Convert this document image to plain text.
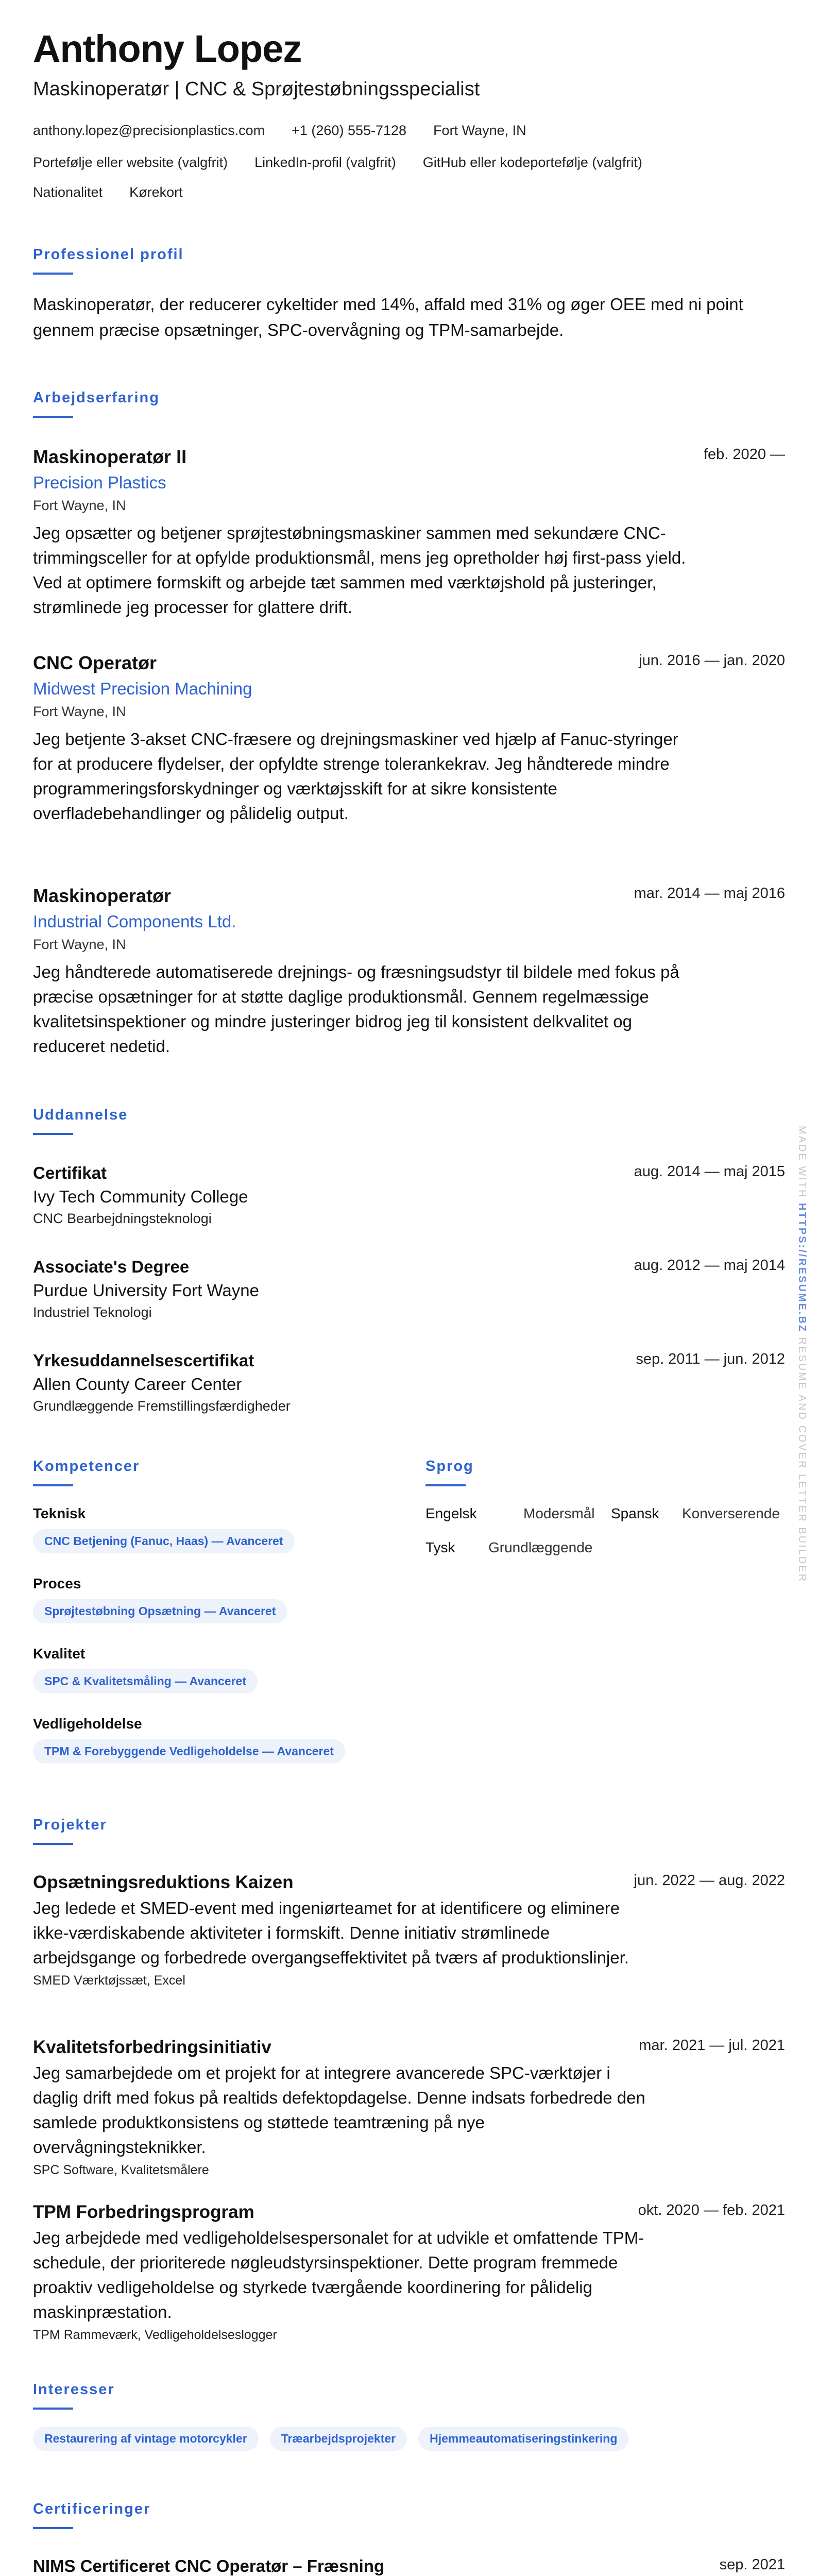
Anthony Lopez
Maskinoperatør | CNC & Sprøjtestøbningsspecialist
anthony.lopez@precisionplastics.com +1 (260) 555-7128 Fort Wayne, IN
Portefølje eller website (valgfrit) LinkedIn-profil (valgfrit) GitHub eller kodeportefølje (valgfrit)
Nationalitet Kørekort
Professionel profil
Maskinoperatør, der reducerer cykeltider med 14%, affald med 31% og øger OEE med ni point gennem præcise opsætninger, SPC-overvågning og TPM-samarbejde.
Arbejdserfaring
Maskinoperatør II	feb. 2020 —
Precision Plastics
Fort Wayne, IN
Jeg opsætter og betjener sprøjtestøbningsmaskiner sammen med sekundære CNC-trimmingsceller for at opfylde produktionsmål, mens jeg opretholder høj first-pass yield. Ved at optimere formskift og arbejde tæt sammen med værktøjshold på justeringer, strømlinede jeg processer for glattere drift.
CNC Operatør	jun. 2016 — jan. 2020
Midwest Precision Machining
Fort Wayne, IN
Jeg betjente 3-akset CNC-fræsere og drejningsmaskiner ved hjælp af Fanuc-styringer for at producere flydelser, der opfyldte strenge tolerankekrav. Jeg håndterede mindre programmeringsforskydninger og værktøjsskift for at sikre konsistente overfladebehandlinger og pålidelig output.
Maskinoperatør	mar. 2014 — maj 2016
Industrial Components Ltd.
Fort Wayne, IN
Jeg håndterede automatiserede drejnings- og fræsningsudstyr til bildele med fokus på præcise opsætninger for at støtte daglige produktionsmål. Gennem regelmæssige kvalitetsinspektioner og mindre justeringer bidrog jeg til konsistent delkvalitet og reduceret nedetid.
Uddannelse
Certifikat	aug. 2014 — maj 2015
Ivy Tech Community College
CNC Bearbejdningsteknologi
Associate's Degree	aug. 2012 — maj 2014
Purdue University Fort Wayne
Industriel Teknologi
Yrkesuddannelsescertifikat	sep. 2011 — jun. 2012
Allen County Career Center
Grundlæggende Fremstillingsfærdigheder
Kompetencer	Sprog
Teknisk
CNC Betjening (Fanuc, Haas) — Avanceret
Proces
Sprøjtestøbning Opsætning — Avanceret
Kvalitet
SPC & Kvalitetsmåling — Avanceret
Vedligeholdelse
TPM & Forebyggende Vedligeholdelse — Avanceret
Engelsk	Modersmål	Spansk	Konverserende
Tysk	Grundlæggende
Projekter
Opsætningsreduktions Kaizen	jun. 2022 — aug. 2022
Jeg ledede et SMED-event med ingeniørteamet for at identificere og eliminere ikke-værdiskabende aktiviteter i formskift. Denne initiativ strømlinede arbejdsgange og forbedrede overgangseffektivitet på tværs af produktionslinjer.
SMED Værktøjssæt, Excel
Kvalitetsforbedringsinitiativ	mar. 2021 — jul. 2021
Jeg samarbejdede om et projekt for at integrere avancerede SPC-værktøjer i daglig drift med fokus på realtids defektopdagelse. Denne indsats forbedrede den samlede produktkonsistens og støttede teamtræning på nye overvågningsteknikker.
SPC Software, Kvalitetsmålere
TPM Forbedringsprogram	okt. 2020 — feb. 2021
Jeg arbejdede med vedligeholdelsespersonalet for at udvikle et omfattende TPM-schedule, der prioriterede nøgleudstyrsinspektioner. Dette program fremmede proaktiv vedligeholdelse og styrkede tværgående koordinering for pålidelig maskinpræstation.
TPM Rammeværk, Vedligeholdelseslogger
Interesser
Restaurering af vintage motorcykler	Træarbejdsprojekter	Hjemmeautomatiseringstinkering
Certificeringer
NIMS Certificeret CNC Operatør – Fræsning	sep. 2021
MADE WITH HTTPS://RESUME.BZ RESUME AND COVER LETTER BUILDER
